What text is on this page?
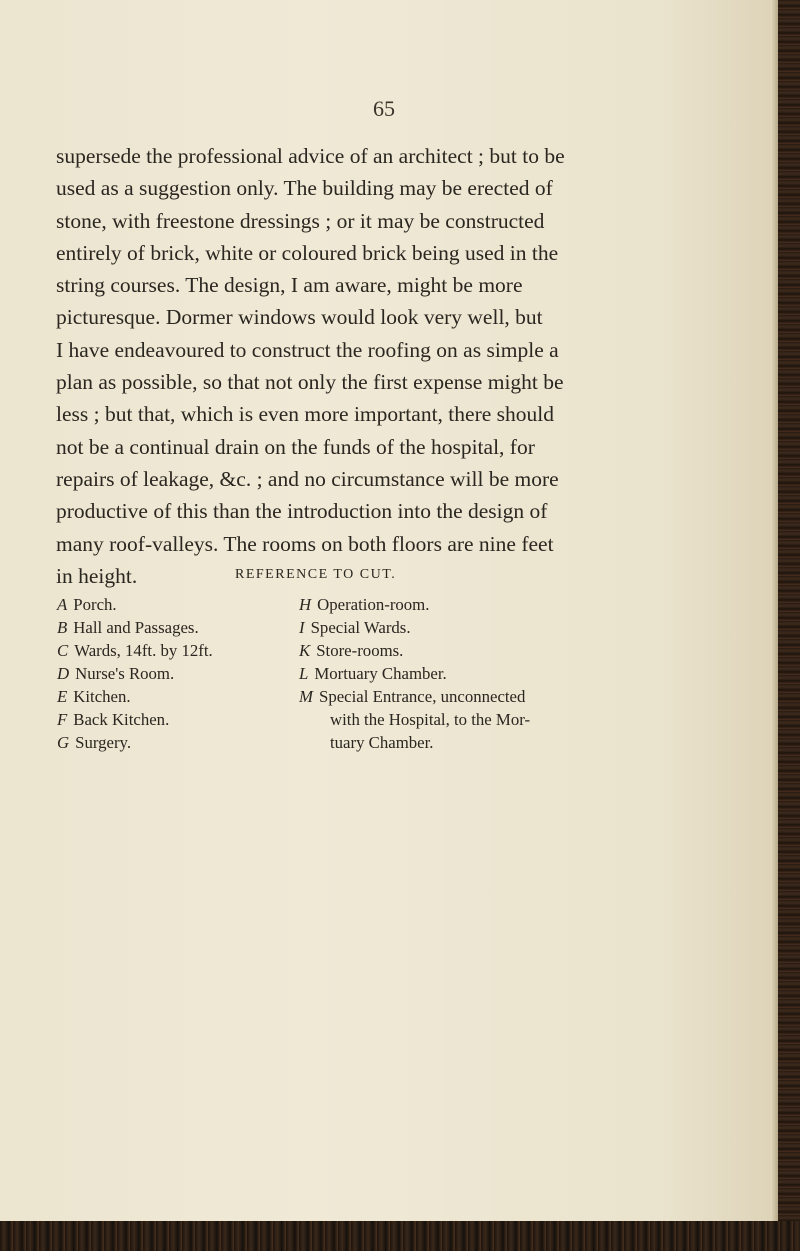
65
supersede the professional advice of an architect ; but to be
used as a suggestion only. The building may be erected of
stone, with freestone dressings ; or it may be constructed
entirely of brick, white or coloured brick being used in the
string courses. The design, I am aware, might be more
picturesque. Dormer windows would look very well, but
I have endeavoured to construct the roofing on as simple a
plan as possible, so that not only the first expense might be
less ; but that, which is even more important, there should
not be a continual drain on the funds of the hospital, for
repairs of leakage, &c. ; and no circumstance will be more
productive of this than the introduction into the design of
many roof-valleys. The rooms on both floors are nine feet
in height.	REFERENCE TO CUT.
A Porch.
B Hall and Passages.
C Wards, 14ft. by 12ft.
D Nurse's Room.
E Kitchen.
F Back Kitchen.
G Surgery.
H Operation-room.
I Special Wards.
K Store-rooms.
L Mortuary Chamber.
M Special Entrance, unconnected
with the Hospital, to the Mor-
tuary Chamber.
